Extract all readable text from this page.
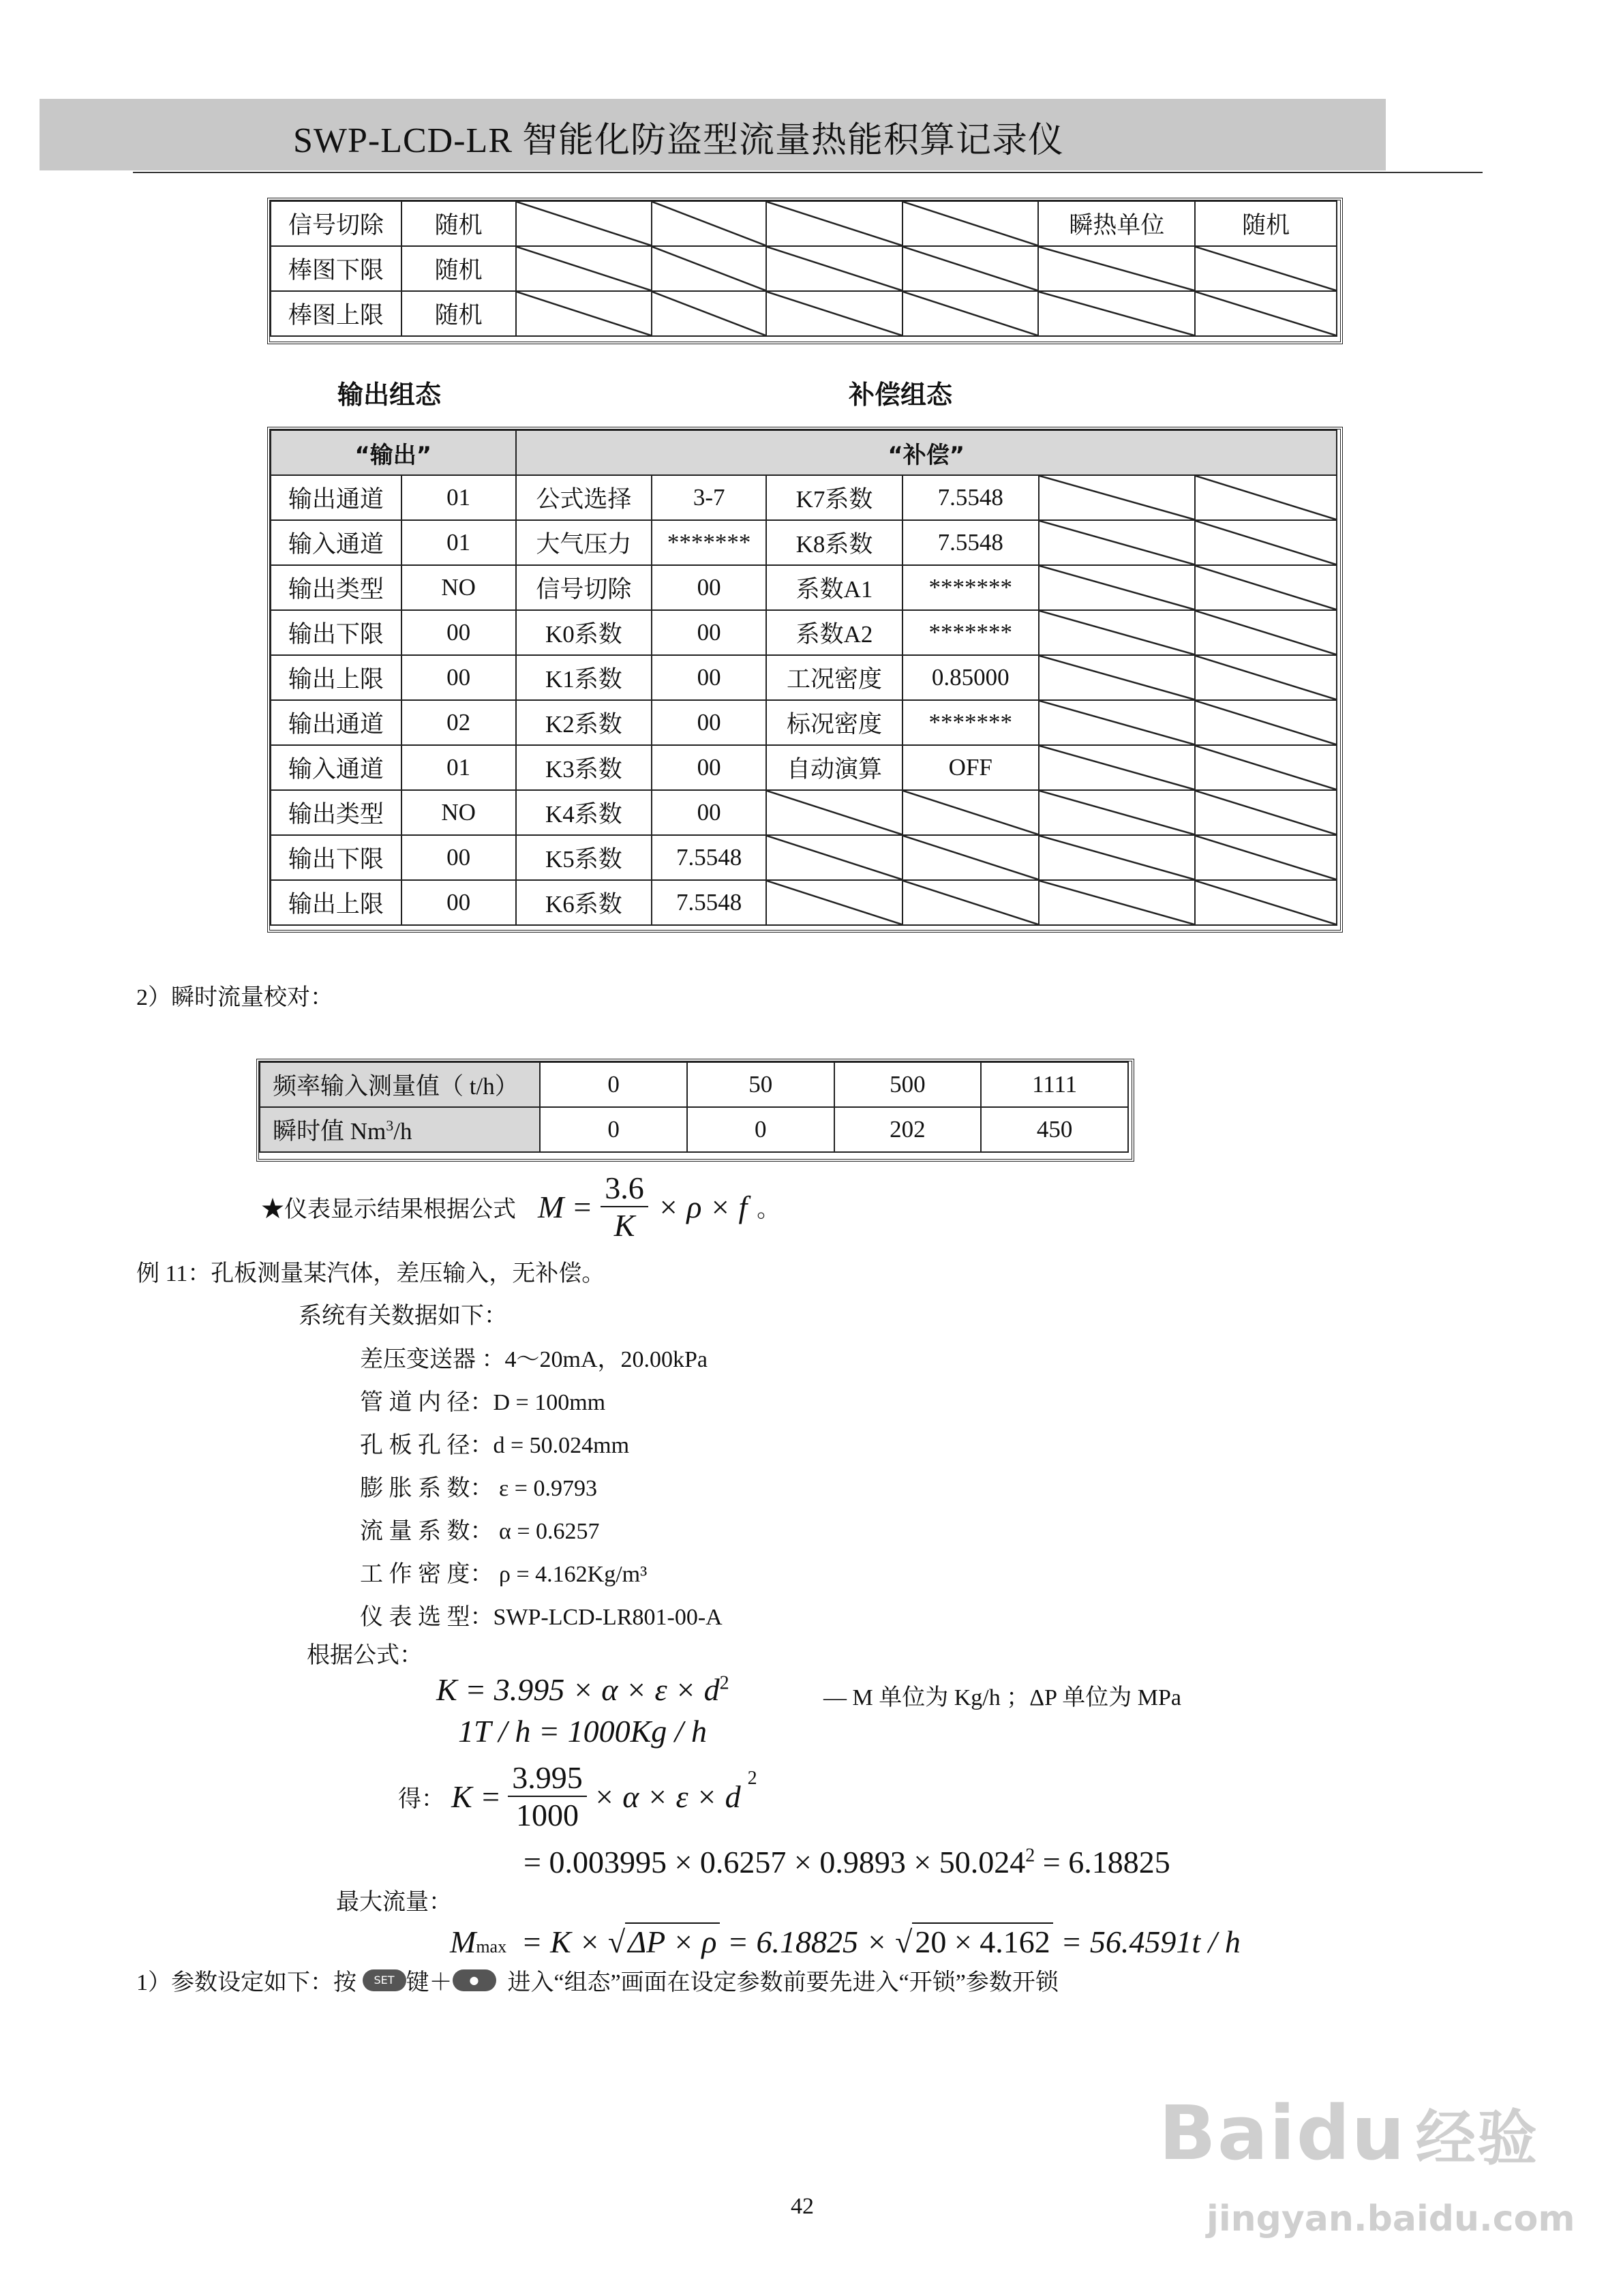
SWP-LCD-LR 智能化防盗型流量热能积算记录仪
信号切除	随机					瞬热单位	随机
棒图下限	随机						
棒图上限	随机						
输出组态	补偿组态
“输出”		“补偿”					
输出通道	01	公式选择	3-7	K7系数	7.5548		
输入通道	01	大气压力	*******	K8系数	7.5548		
输出类型	NO	信号切除	00	系数A1	*******		
输出下限	00	K0系数	00	系数A2	*******		
输出上限	00	K1系数	00	工况密度	0.85000		
输出通道	02	K2系数	00	标况密度	*******		
输入通道	01	K3系数	00	自动演算	OFF		
输出类型	NO	K4系数	00				
输出下限	00	K5系数	7.5548				
输出上限	00	K6系数	7.5548				
2）瞬时流量校对：
频率输入测量值（ t/h）	0	50	500	1111
瞬时值 Nm$^3$/h	0	0	202	450
★仪表显示结果根据公式 $M = \frac{3.6}{K} \times \rho \times f$ 。
例 11：孔板测量某汽体，差压输入，无补偿。
系统有关数据如下：
差压变送器 ：4～20mA，20.00kPa
管 道 内 径：D = 100mm
孔 板 孔 径：d = 50.024mm
膨 胀 系 数： ε = 0.9793
流 量 系 数： α = 0.6257
工 作 密 度： ρ = 4.162Kg/m³
仪 表 选 型：SWP-LCD-LR801-00-A
根据公式：
$K = 3.995 \times \alpha \times \varepsilon \times d^2$
— M 单位为 Kg/h ；ΔP 单位为 MPa
1T / h = 1000Kg / h
得： $K = \frac{3.995}{1000} \times \alpha \times \varepsilon \times d$
2
= $0.003995 \times 0.6257 \times 0.9893 \times 50.024^2 = 6.18825$
最大流量：
M max = K × √ ΔP × ρ = 6.18825 × √ 20 × 4.162 = 56.4591t / h
1）参数设定如下：按	SET 键＋	● 进入“组态”画面在设定参数前要先进入“开锁”参数开锁
42
Baidu 经验
jingyan.baidu.com
